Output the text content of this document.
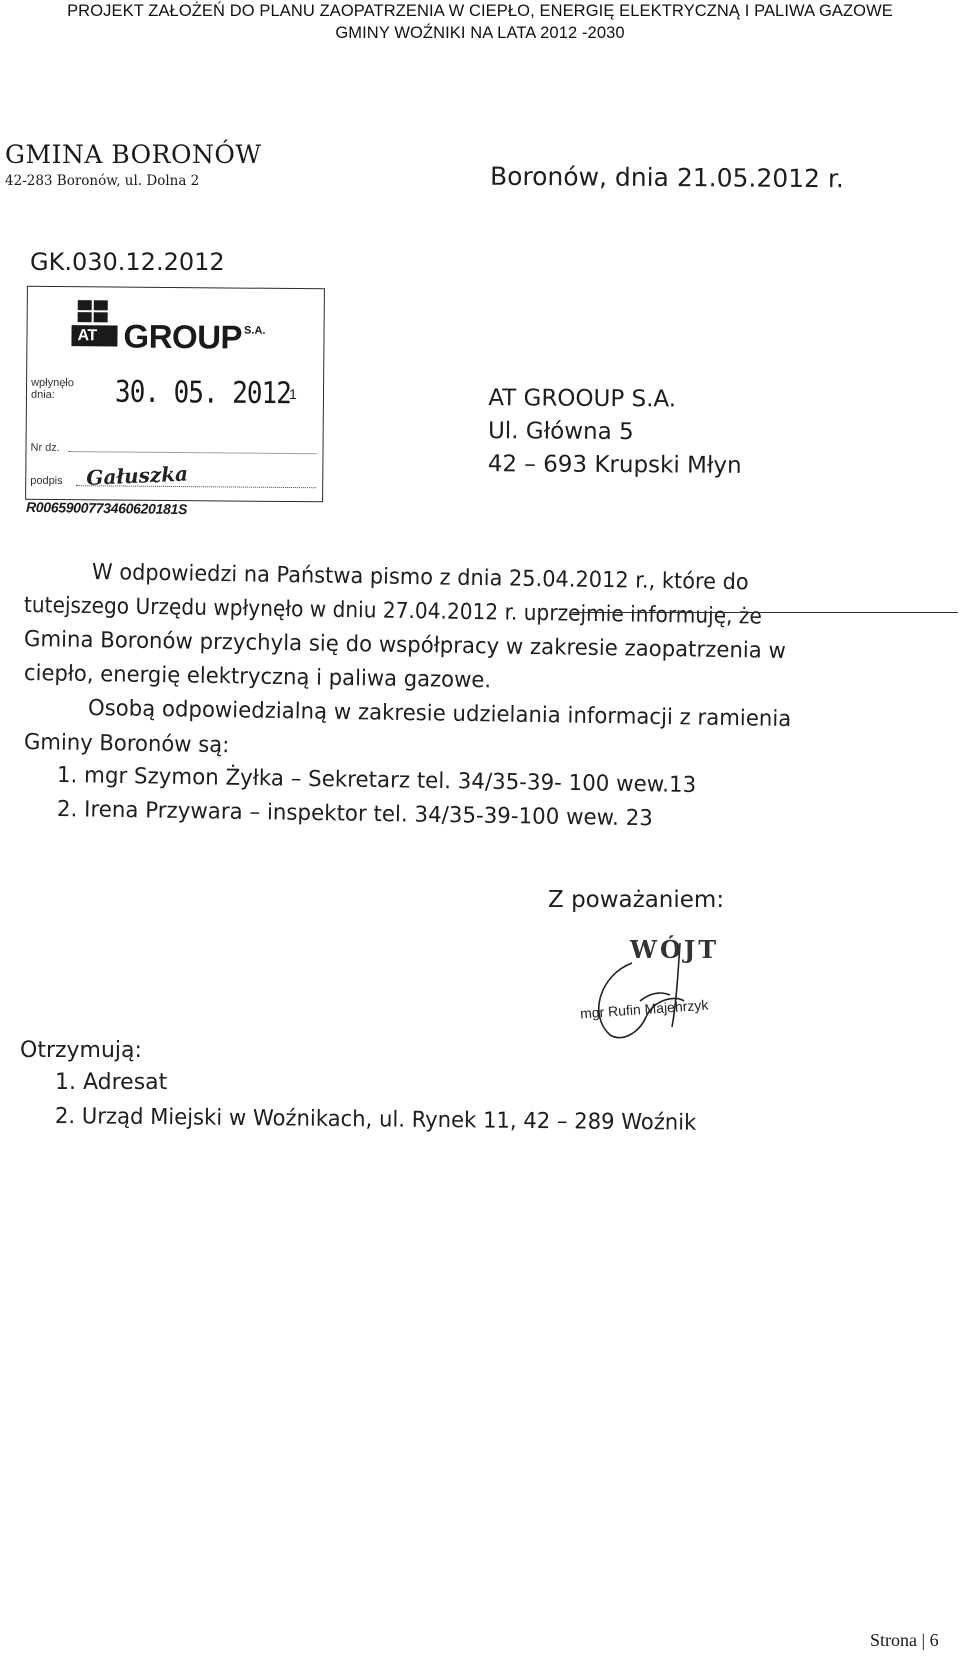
PROJEKT ZAŁOŻEŃ DO PLANU ZAOPATRZENIA W CIEPŁO, ENERGIĘ ELEKTRYCZNĄ I PALIWA GAZOWE
GMINY WOŹNIKI NA LATA 2012 -2030
GMINA BORONÓW
42-283 Boronów, ul. Dolna 2	Boronów, dnia 21.05.2012 r.
GK.030.12.2012
AT GROUP $^{S.A.}$
wpłynęło dnia:	30. 05. 2012
1
Nr dz.
podpis Gałuszka
R0065900773460620181S
AT GROOUP S.A.
Ul. Główna 5
42 – 693 Krupski Młyn
W odpowiedzi na Państwa pismo z dnia 25.04.2012 r., które do
tutejszego Urzędu wpłynęło w dniu 27.04.2012 r. uprzejmie informuję, że
Gmina Boronów przychyla się do współpracy w zakresie zaopatrzenia w
ciepło, energię elektryczną i paliwa gazowe.
Osobą odpowiedzialną w zakresie udzielania informacji z ramienia
Gminy Boronów są:
1. mgr Szymon Żyłka – Sekretarz tel. 34/35-39- 100 wew.13
2. Irena Przywara – inspektor tel. 34/35-39-100 wew. 23
Z poważaniem:
WÓJT
mgr Rufin Majehrzyk
Otrzymują:
1. Adresat
2. Urząd Miejski w Woźnikach, ul. Rynek 11, 42 – 289 Woźnik
Strona | 6
